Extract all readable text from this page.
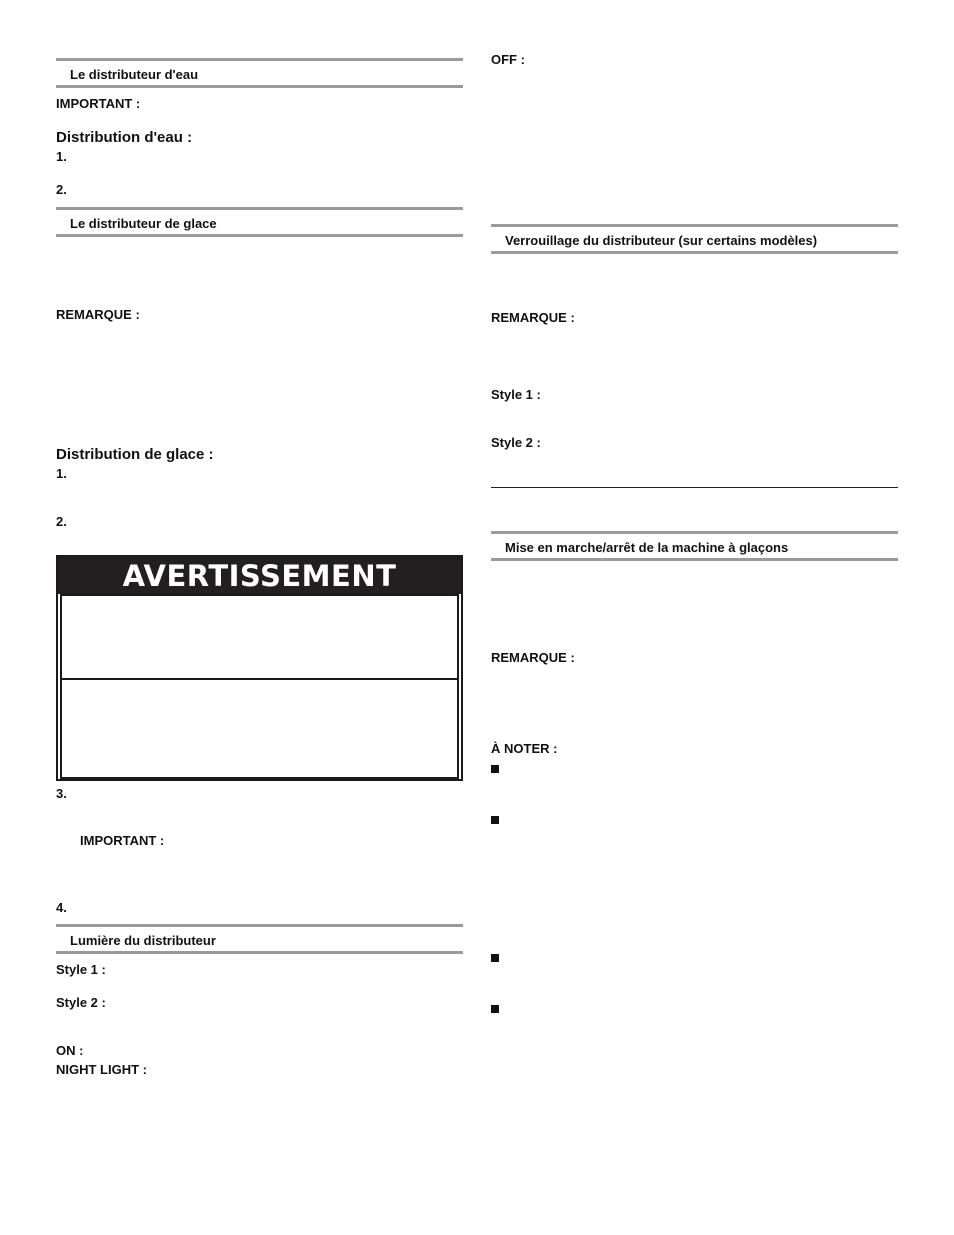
Le distributeur d'eau
IMPORTANT :
Distribution d'eau :
1.
2.
Le distributeur de glace
REMARQUE :
Distribution de glace :
1.
2.
AVERTISSEMENT
3.
IMPORTANT :
4.
Lumière du distributeur
Style 1 :
Style 2 :
ON :
NIGHT LIGHT :
OFF :
Verrouillage du distributeur (sur certains modèles)
REMARQUE :
Style 1 :
Style 2 :
Mise en marche/arrêt de la machine à glaçons
REMARQUE :
À NOTER :
